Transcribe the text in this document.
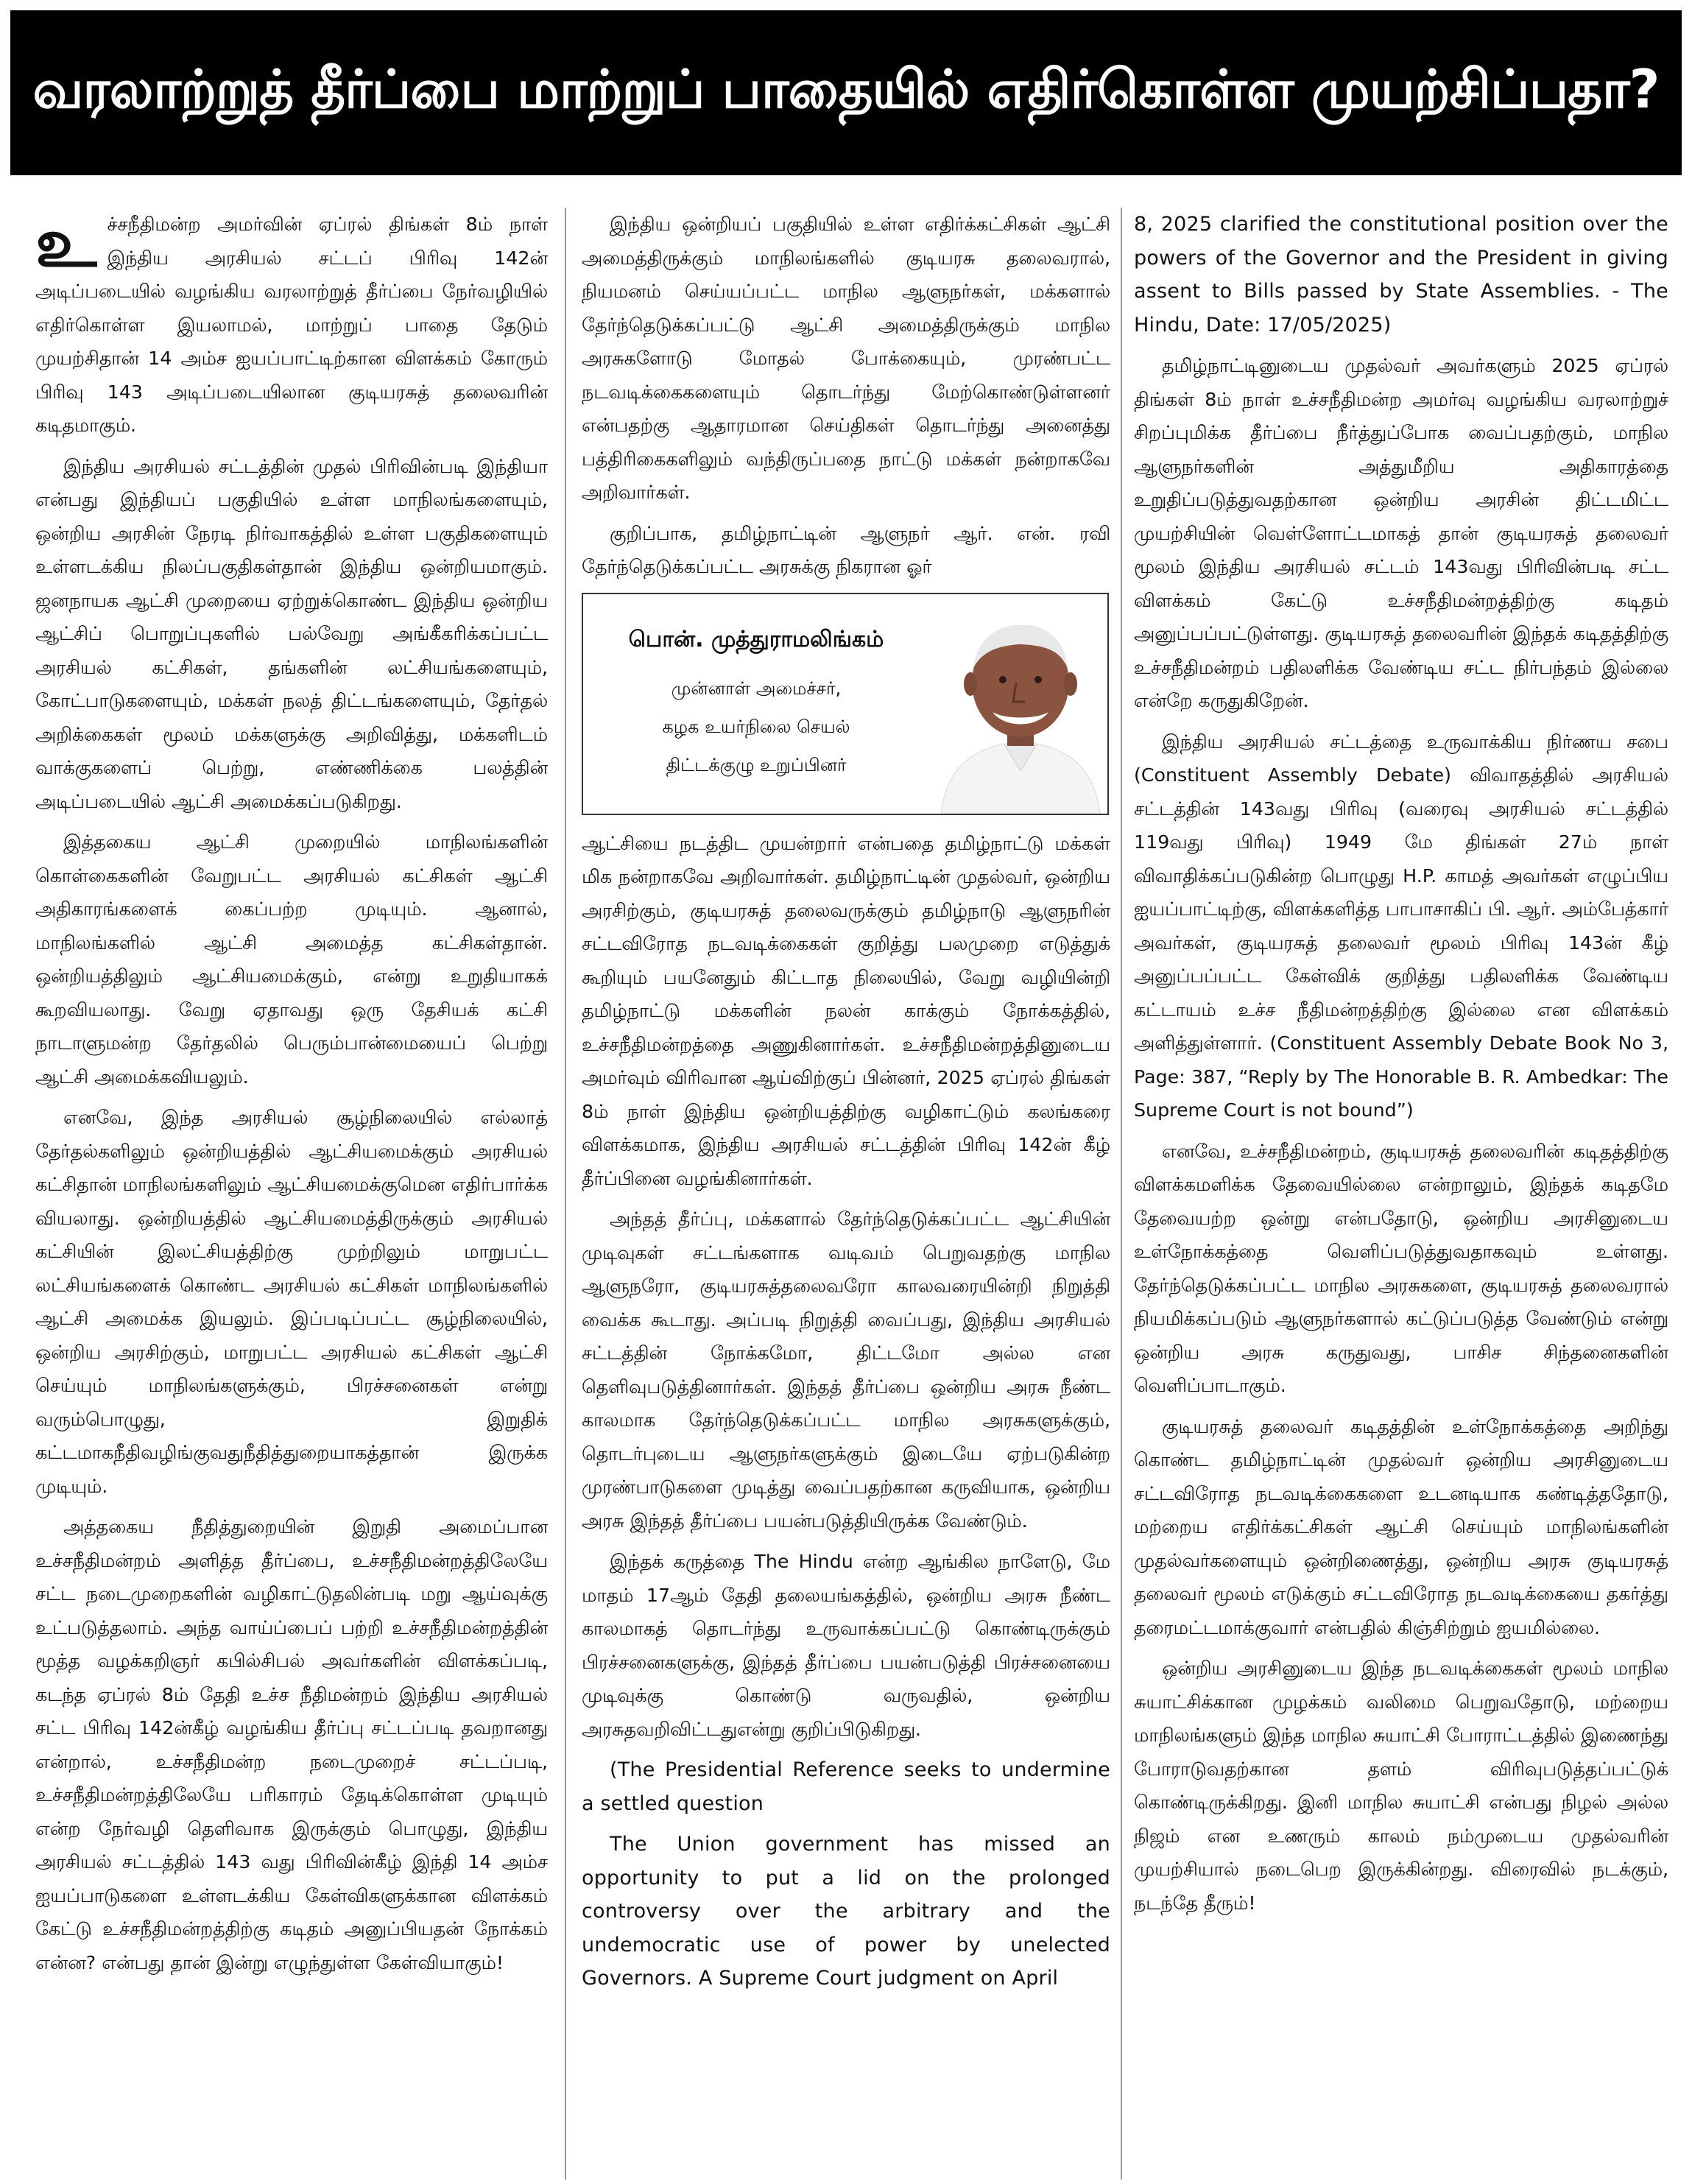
வரலாற்றுத் தீர்ப்பை மாற்றுப் பாதையில் எதிர்கொள்ள முயற்சிப்பதா?

உச்சநீதிமன்ற அமர்வின் ஏப்ரல் திங்கள் 8ம் நாள் இந்திய அரசியல் சட்டப் பிரிவு 142ன் அடிப்படையில் வழங்கிய வரலாற்றுத் தீர்ப்பை நேர்வழியில் எதிர்கொள்ள இயலாமல், மாற்றுப் பாதை தேடும் முயற்சிதான் 14 அம்ச ஐயப்பாட்டிற்கான விளக்கம் கோரும் பிரிவு 143 அடிப்படையிலான குடியரசுத் தலைவரின் கடிதமாகும்.

இந்திய அரசியல் சட்டத்தின் முதல் பிரிவின்படி இந்தியா என்பது இந்தியப் பகுதியில் உள்ள மாநிலங்களையும், ஒன்றிய அரசின் நேரடி நிர்வாகத்தில் உள்ள பகுதிகளையும் உள்ளடக்கிய நிலப்பகுதிகள்தான் இந்திய ஒன்றியமாகும். ஜனநாயக ஆட்சி முறையை ஏற்றுக்கொண்ட இந்திய ஒன்றிய ஆட்சிப் பொறுப்புகளில் பல்வேறு அங்கீகரிக்கப்பட்ட அரசியல் கட்சிகள், தங்களின் லட்சியங்களையும், கோட்பாடுகளையும், மக்கள் நலத் திட்டங்களையும், தேர்தல் அறிக்கைகள் மூலம் மக்களுக்கு அறிவித்து, மக்களிடம் வாக்குகளைப் பெற்று, எண்ணிக்கை பலத்தின் அடிப்படையில் ஆட்சி அமைக்கப்படுகிறது.

இத்தகைய ஆட்சி முறையில் மாநிலங்களின் கொள்கைகளின் வேறுபட்ட அரசியல் கட்சிகள் ஆட்சி அதிகாரங்களைக் கைப்பற்ற முடியும். ஆனால், மாநிலங்களில் ஆட்சி அமைத்த கட்சிகள்தான். ஒன்றியத்திலும் ஆட்சியமைக்கும், என்று உறுதியாகக் கூறவியலாது. வேறு ஏதாவது ஒரு தேசியக் கட்சி நாடாளுமன்ற தேர்தலில் பெரும்பான்மையைப் பெற்று ஆட்சி அமைக்கவியலும்.

எனவே, இந்த அரசியல் சூழ்நிலையில் எல்லாத் தேர்தல்களிலும் ஒன்றியத்தில் ஆட்சியமைக்கும் அரசியல் கட்சிதான் மாநிலங்களிலும் ஆட்சியமைக்குமென எதிர்பார்க்க வியலாது. ஒன்றியத்தில் ஆட்சியமைத்திருக்கும் அரசியல் கட்சியின் இலட்சியத்திற்கு முற்றிலும் மாறுபட்ட லட்சியங்களைக் கொண்ட அரசியல் கட்சிகள் மாநிலங்களில் ஆட்சி அமைக்க இயலும். இப்படிப்பட்ட சூழ்நிலையில், ஒன்றிய அரசிற்கும், மாறுபட்ட அரசியல் கட்சிகள் ஆட்சி செய்யும் மாநிலங்களுக்கும், பிரச்சனைகள் என்று வரும்பொழுது, இறுதிக் கட்டமாகநீதிவழிங்குவதுநீதித்துறையாகத்தான் இருக்க முடியும்.

அத்தகைய நீதித்துறையின் இறுதி அமைப்பான உச்சநீதிமன்றம் அளித்த தீர்ப்பை, உச்சநீதிமன்றத்திலேயே சட்ட நடைமுறைகளின் வழிகாட்டுதலின்படி மறு ஆய்வுக்கு உட்படுத்தலாம். அந்த வாய்ப்பைப் பற்றி உச்சநீதிமன்றத்தின் மூத்த வழக்கறிஞர் கபில்சிபல் அவர்களின் விளக்கப்படி, கடந்த ஏப்ரல் 8ம் தேதி உச்ச நீதிமன்றம் இந்திய அரசியல் சட்ட பிரிவு 142ன்கீழ் வழங்கிய தீர்ப்பு சட்டப்படி தவறானது என்றால், உச்சநீதிமன்ற நடைமுறைச் சட்டப்படி, உச்சநீதிமன்றத்திலேயே பரிகாரம் தேடிக்கொள்ள முடியும் என்ற நேர்வழி தெளிவாக இருக்கும் பொழுது, இந்திய அரசியல் சட்டத்தில் 143 வது பிரிவின்கீழ் இந்தி 14 அம்ச ஐயப்பாடுகளை உள்ளடக்கிய கேள்விகளுக்கான விளக்கம் கேட்டு உச்சநீதிமன்றத்திற்கு கடிதம் அனுப்பியதன் நோக்கம் என்ன? என்பது தான் இன்று எழுந்துள்ள கேள்வியாகும்!

இந்திய ஒன்றியப் பகுதியில் உள்ள எதிர்க்கட்சிகள் ஆட்சி அமைத்திருக்கும் மாநிலங்களில் குடியரசு தலைவரால், நியமனம் செய்யப்பட்ட மாநில ஆளுநர்கள், மக்களால் தேர்ந்தெடுக்கப்பட்டு ஆட்சி அமைத்திருக்கும் மாநில அரசுகளோடு மோதல் போக்கையும், முரண்பட்ட நடவடிக்கைகளையும் தொடர்ந்து மேற்கொண்டுள்ளனர் என்பதற்கு ஆதாரமான செய்திகள் தொடர்ந்து அனைத்து பத்திரிகைகளிலும் வந்திருப்பதை நாட்டு மக்கள் நன்றாகவே அறிவார்கள்.

குறிப்பாக, தமிழ்நாட்டின் ஆளுநர் ஆர். என். ரவி தேர்ந்தெடுக்கப்பட்ட அரசுக்கு நிகரான ஓர்

பொன். முத்துராமலிங்கம்
முன்னாள் அமைச்சர்,
கழக உயர்நிலை செயல்
திட்டக்குழு உறுப்பினர்

ஆட்சியை நடத்திட முயன்றார் என்பதை தமிழ்நாட்டு மக்கள் மிக நன்றாகவே அறிவார்கள். தமிழ்நாட்டின் முதல்வர், ஒன்றிய அரசிற்கும், குடியரசுத் தலைவருக்கும் தமிழ்நாடு ஆளுநரின் சட்டவிரோத நடவடிக்கைகள் குறித்து பலமுறை எடுத்துக் கூறியும் பயனேதும் கிட்டாத நிலையில், வேறு வழியின்றி தமிழ்நாட்டு மக்களின் நலன் காக்கும் நோக்கத்தில், உச்சநீதிமன்றத்தை அணுகினார்கள். உச்சநீதிமன்றத்தினுடைய அமர்வும் விரிவான ஆய்விற்குப் பின்னர், 2025 ஏப்ரல் திங்கள் 8ம் நாள் இந்திய ஒன்றியத்திற்கு வழிகாட்டும் கலங்கரை விளக்கமாக, இந்திய அரசியல் சட்டத்தின் பிரிவு 142ன் கீழ் தீர்ப்பினை வழங்கினார்கள்.

அந்தத் தீர்ப்பு, மக்களால் தேர்ந்தெடுக்கப்பட்ட ஆட்சியின் முடிவுகள் சட்டங்களாக வடிவம் பெறுவதற்கு மாநில ஆளுநரோ, குடியரசுத்தலைவரோ காலவரையின்றி நிறுத்தி வைக்க கூடாது. அப்படி நிறுத்தி வைப்பது, இந்திய அரசியல் சட்டத்தின் நோக்கமோ, திட்டமோ அல்ல என தெளிவுபடுத்தினார்கள். இந்தத் தீர்ப்பை ஒன்றிய அரசு நீண்ட காலமாக தேர்ந்தெடுக்கப்பட்ட மாநில அரசுகளுக்கும், தொடர்புடைய ஆளுநர்களுக்கும் இடையே ஏற்படுகின்ற முரண்பாடுகளை முடித்து வைப்பதற்கான கருவியாக, ஒன்றிய அரசு இந்தத் தீர்ப்பை பயன்படுத்தியிருக்க வேண்டும்.

இந்தக் கருத்தை The Hindu என்ற ஆங்கில நாளேடு, மே மாதம் 17ஆம் தேதி தலையங்கத்தில், ஒன்றிய அரசு நீண்ட காலமாகத் தொடர்ந்து உருவாக்கப்பட்டு கொண்டிருக்கும் பிரச்சனைகளுக்கு, இந்தத் தீர்ப்பை பயன்படுத்தி பிரச்சனையை முடிவுக்கு கொண்டு வருவதில், ஒன்றிய அரசுதவறிவிட்டதுஎன்று குறிப்பிடுகிறது.

(The Presidential Reference seeks to undermine a settled question

The Union government has missed an opportunity to put a lid on the prolonged controversy over the arbitrary and the undemocratic use of power by unelected Governors. A Supreme Court judgment on April

8, 2025 clarified the constitutional position over the powers of the Governor and the President in giving assent to Bills passed by State Assemblies. - The Hindu, Date: 17/05/2025)

தமிழ்நாட்டினுடைய முதல்வர் அவர்களும் 2025 ஏப்ரல் திங்கள் 8ம் நாள் உச்சநீதிமன்ற அமர்வு வழங்கிய வரலாற்றுச் சிறப்புமிக்க தீர்ப்பை நீர்த்துப்போக வைப்பதற்கும், மாநில ஆளுநர்களின் அத்துமீறிய அதிகாரத்தை உறுதிப்படுத்துவதற்கான ஒன்றிய அரசின் திட்டமிட்ட முயற்சியின் வெள்ளோட்டமாகத் தான் குடியரசுத் தலைவர் மூலம் இந்திய அரசியல் சட்டம் 143வது பிரிவின்படி சட்ட விளக்கம் கேட்டு உச்சநீதிமன்றத்திற்கு கடிதம் அனுப்பப்பட்டுள்ளது. குடியரசுத் தலைவரின் இந்தக் கடிதத்திற்கு உச்சநீதிமன்றம் பதிலளிக்க வேண்டிய சட்ட நிர்பந்தம் இல்லை என்றே கருதுகிறேன்.

இந்திய அரசியல் சட்டத்தை உருவாக்கிய நிர்ணய சபை (Constituent Assembly Debate) விவாதத்தில் அரசியல் சட்டத்தின் 143வது பிரிவு (வரைவு அரசியல் சட்டத்தில் 119வது பிரிவு) 1949 மே திங்கள் 27ம் நாள் விவாதிக்கப்படுகின்ற பொழுது H.P. காமத் அவர்கள் எழுப்பிய ஐயப்பாட்டிற்கு, விளக்களித்த பாபாசாகிப் பி. ஆர். அம்பேத்கார் அவர்கள், குடியரசுத் தலைவர் மூலம் பிரிவு 143ன் கீழ் அனுப்பப்பட்ட கேள்விக் குறித்து பதிலளிக்க வேண்டிய கட்டாயம் உச்ச நீதிமன்றத்திற்கு இல்லை என விளக்கம் அளித்துள்ளார். (Constituent Assembly Debate Book No 3, Page: 387, “Reply by The Honorable B. R. Ambedkar: The Supreme Court is not bound”)

எனவே, உச்சநீதிமன்றம், குடியரசுத் தலைவரின் கடிதத்திற்கு விளக்கமளிக்க தேவையில்லை என்றாலும், இந்தக் கடிதமே தேவையற்ற ஒன்று என்பதோடு, ஒன்றிய அரசினுடைய உள்நோக்கத்தை வெளிப்படுத்துவதாகவும் உள்ளது. தேர்ந்தெடுக்கப்பட்ட மாநில அரசுகளை, குடியரசுத் தலைவரால் நியமிக்கப்படும் ஆளுநர்களால் கட்டுப்படுத்த வேண்டும் என்று ஒன்றிய அரசு கருதுவது, பாசிச சிந்தனைகளின் வெளிப்பாடாகும்.

குடியரசுத் தலைவர் கடிதத்தின் உள்நோக்கத்தை அறிந்து கொண்ட தமிழ்நாட்டின் முதல்வர் ஒன்றிய அரசினுடைய சட்டவிரோத நடவடிக்கைகளை உடனடியாக கண்டித்ததோடு, மற்றைய எதிர்க்கட்சிகள் ஆட்சி செய்யும் மாநிலங்களின் முதல்வர்களையும் ஒன்றிணைத்து, ஒன்றிய அரசு குடியரசுத் தலைவர் மூலம் எடுக்கும் சட்டவிரோத நடவடிக்கையை தகர்த்து தரைமட்டமாக்குவார் என்பதில் கிஞ்சிற்றும் ஐயமில்லை.

ஒன்றிய அரசினுடைய இந்த நடவடிக்கைகள் மூலம் மாநில சுயாட்சிக்கான முழக்கம் வலிமை பெறுவதோடு, மற்றைய மாநிலங்களும் இந்த மாநில சுயாட்சி போராட்டத்தில் இணைந்து போராடுவதற்கான தளம் விரிவுபடுத்தப்பட்டுக் கொண்டிருக்கிறது. இனி மாநில சுயாட்சி என்பது நிழல் அல்ல நிஜம் என உணரும் காலம் நம்முடைய முதல்வரின் முயற்சியால் நடைபெற இருக்கின்றது. விரைவில் நடக்கும், நடந்தே தீரும்!
